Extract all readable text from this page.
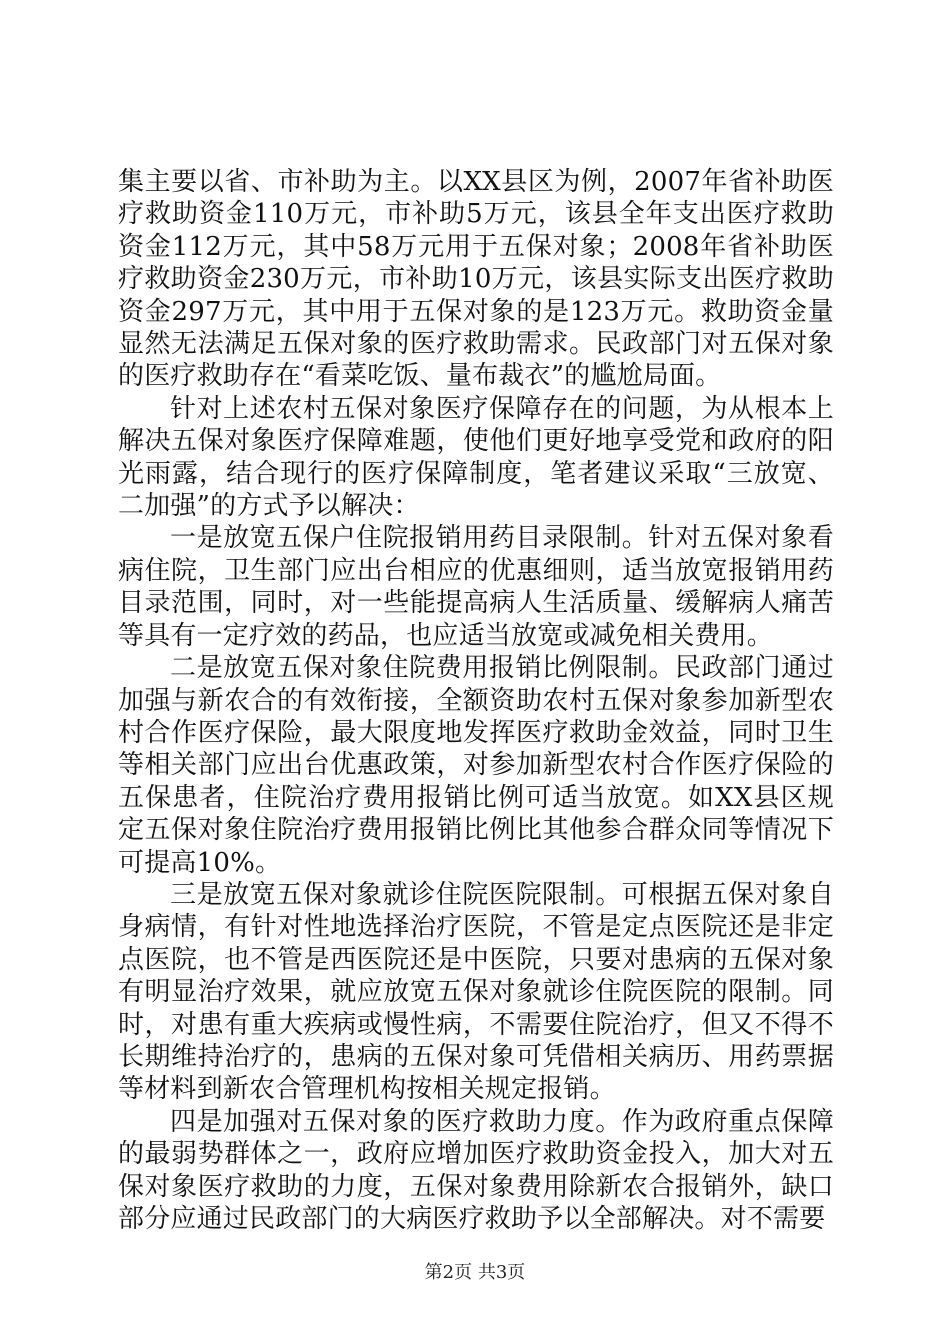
集主要以省、市补助为主。以XX县区为例，2007年省补助医疗救助资金110万元，市补助5万元，该县全年支出医疗救助资金112万元，其中58万元用于五保对象；2008年省补助医疗救助资金230万元，市补助10万元，该县实际支出医疗救助资金297万元，其中用于五保对象的是123万元。救助资金量显然无法满足五保对象的医疗救助需求。民政部门对五保对象的医疗救助存在“看菜吃饭、量布裁衣”的尴尬局面。

针对上述农村五保对象医疗保障存在的问题，为从根本上解决五保对象医疗保障难题，使他们更好地享受党和政府的阳光雨露，结合现行的医疗保障制度，笔者建议采取“三放宽、二加强”的方式予以解决：

一是放宽五保户住院报销用药目录限制。针对五保对象看病住院，卫生部门应出台相应的优惠细则，适当放宽报销用药目录范围，同时，对一些能提高病人生活质量、缓解病人痛苦等具有一定疗效的药品，也应适当放宽或减免相关费用。

二是放宽五保对象住院费用报销比例限制。民政部门通过加强与新农合的有效衔接，全额资助农村五保对象参加新型农村合作医疗保险，最大限度地发挥医疗救助金效益，同时卫生等相关部门应出台优惠政策，对参加新型农村合作医疗保险的五保患者，住院治疗费用报销比例可适当放宽。如XX县区规定五保对象住院治疗费用报销比例比其他参合群众同等情况下可提高10%。

三是放宽五保对象就诊住院医院限制。可根据五保对象自身病情，有针对性地选择治疗医院，不管是定点医院还是非定点医院，也不管是西医院还是中医院，只要对患病的五保对象有明显治疗效果，就应放宽五保对象就诊住院医院的限制。同时，对患有重大疾病或慢性病，不需要住院治疗，但又不得不长期维持治疗的，患病的五保对象可凭借相关病历、用药票据等材料到新农合管理机构按相关规定报销。

四是加强对五保对象的医疗救助力度。作为政府重点保障的最弱势群体之一，政府应增加医疗救助资金投入，加大对五保对象医疗救助的力度，五保对象费用除新农合报销外，缺口部分应通过民政部门的大病医疗救助予以全部解决。对不需要

第2页 共3页
